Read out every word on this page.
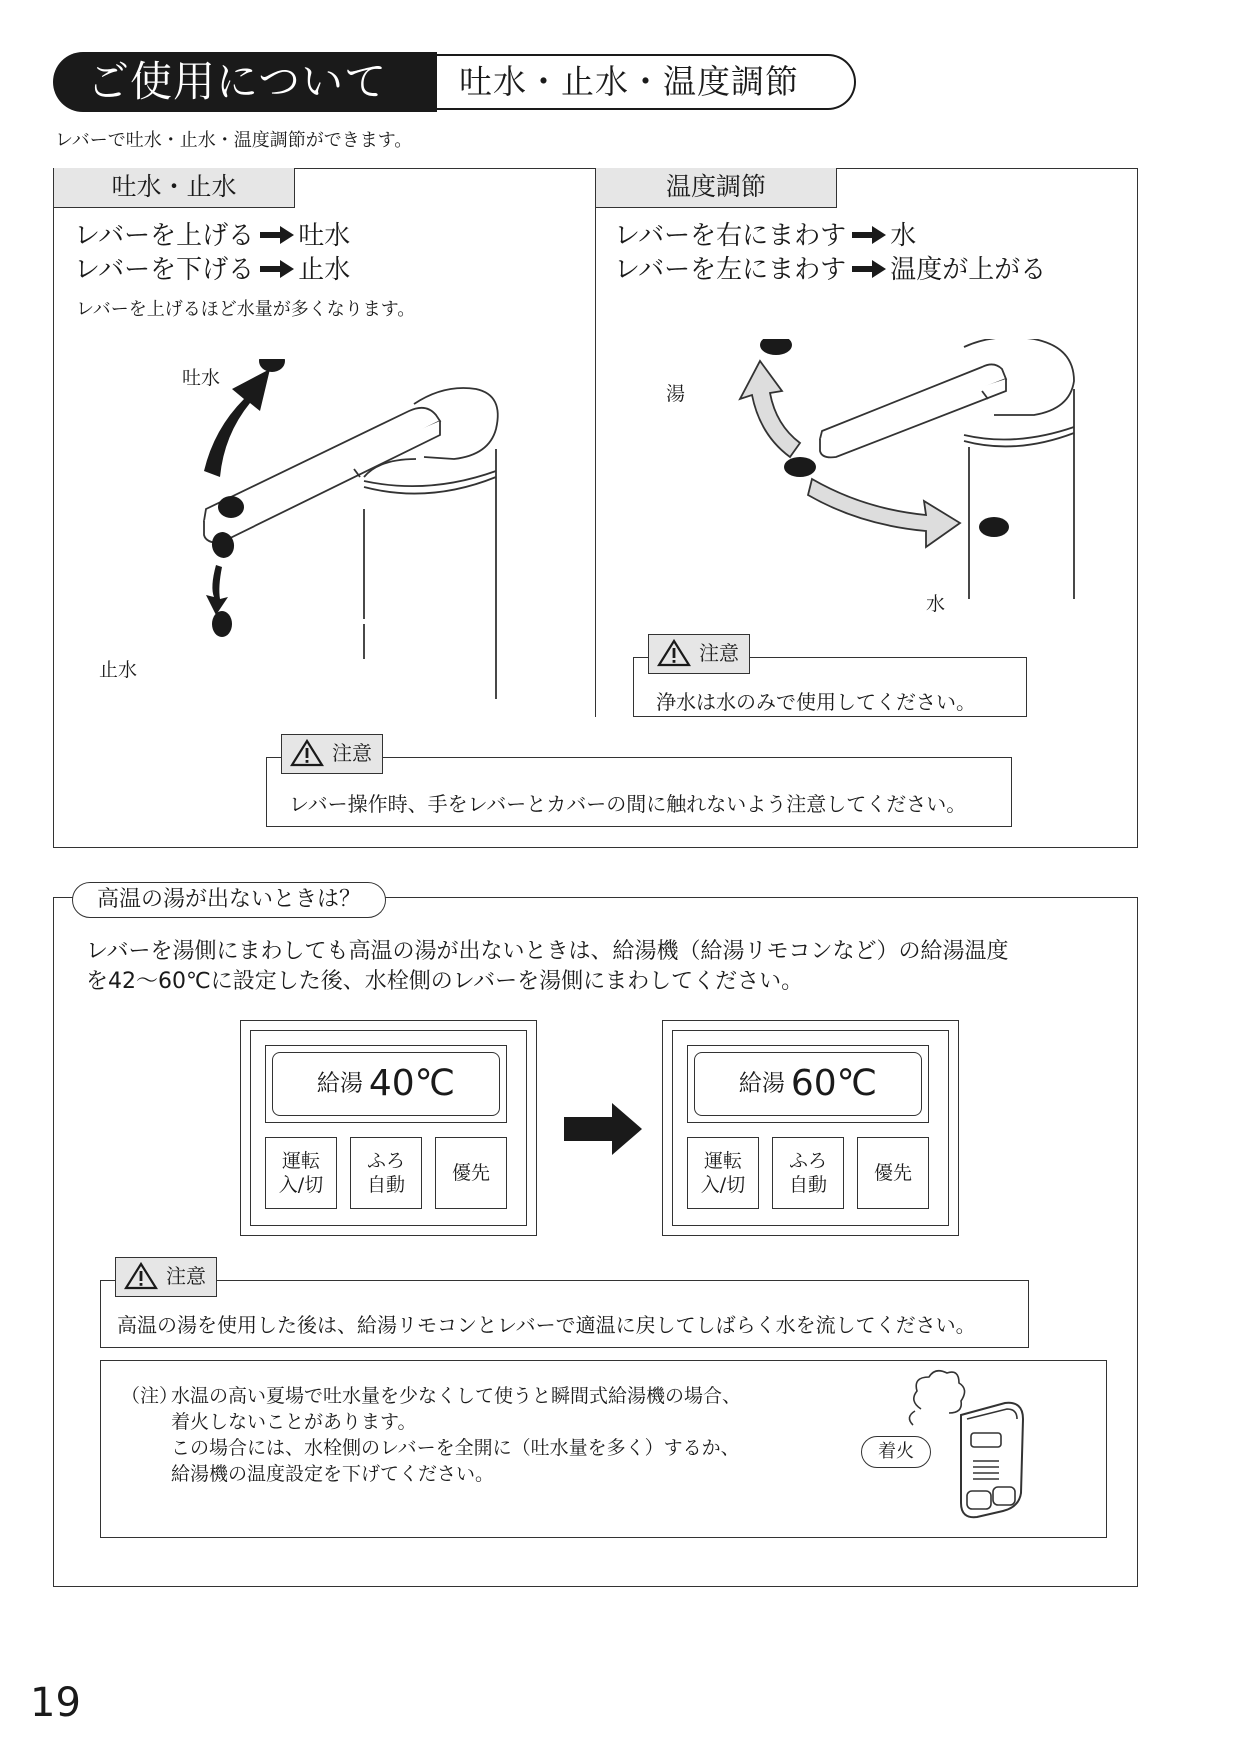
ご使用について	吐水・止水・温度調節
レバーで吐水・止水・温度調節ができます。
吐水・止水
レバーを上げる 吐水
レバーを下げる 止水
レバーを上げるほど水量が多くなります。
吐水
止水
温度調節
レバーを右にまわす 水
レバーを左にまわす 温度が上がる
湯
水
注意
浄水は水のみで使用してください。
注意
レバー操作時、手をレバーとカバーの間に触れないよう注意してください。
高温の湯が出ないときは？
レバーを湯側にまわしても高温の湯が出ないときは、給湯機（給湯リモコンなど）の給湯温度
を42～60℃に設定した後、水栓側のレバーを湯側にまわしてください。
給湯 40℃
運転
入/切
ふろ
自動
優先
給湯 60℃
運転
入/切
ふろ
自動
優先
注意
高温の湯を使用した後は、給湯リモコンとレバーで適温に戻してしばらく水を流してください。
（注）
水温の高い夏場で吐水量を少なくして使うと瞬間式給湯機の場合、
着火しないことがあります。
この場合には、水栓側のレバーを全開に（吐水量を多く）するか、
給湯機の温度設定を下げてください。
着火
19
